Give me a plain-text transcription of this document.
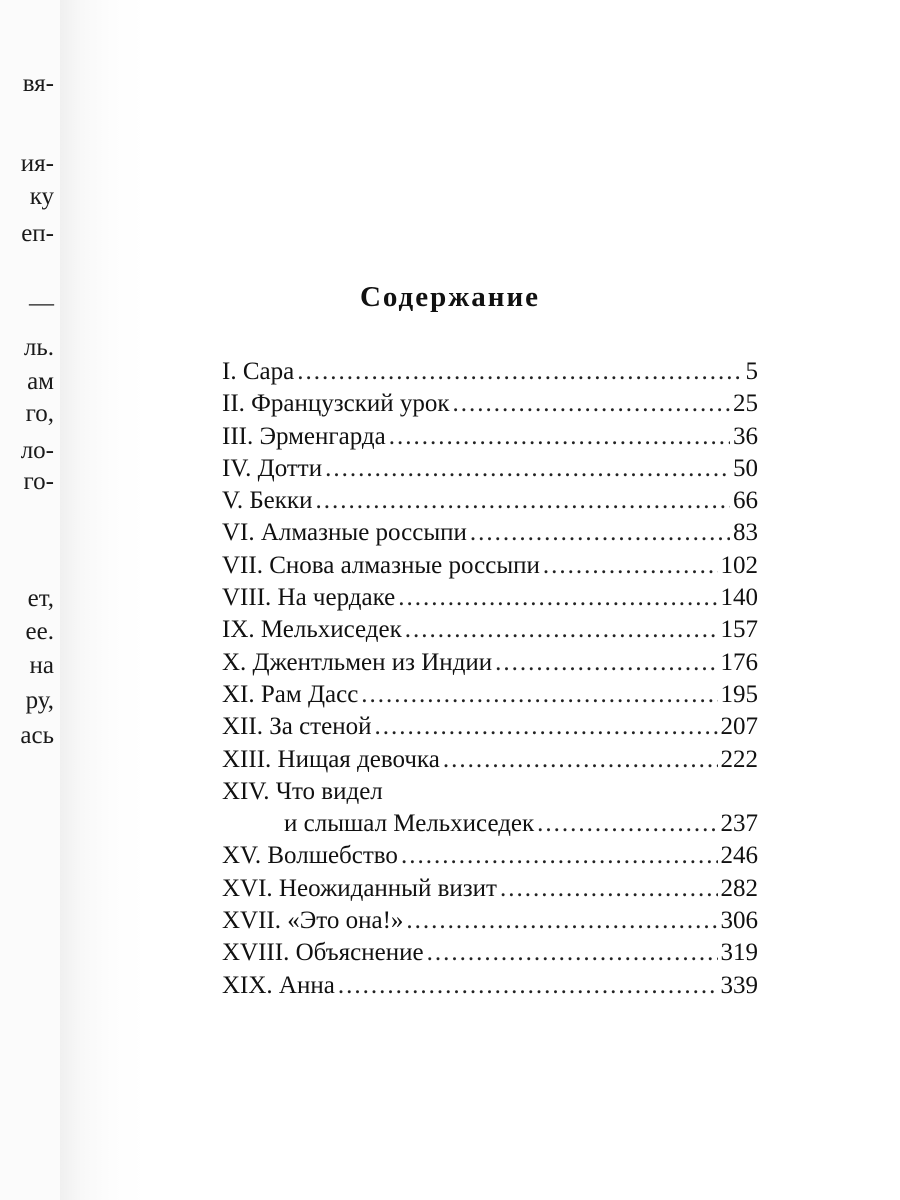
вя-
ия-
ку
еп-
—
ль.
ам
го,
ло-
го-
ет,
ее.
на
ру,
ась
Содержание
I. Сара .....	5
II. Французский урок .....	25
III. Эрменгарда .....	36
IV. Дотти .....	50
V. Бекки .....	66
VI. Алмазные россыпи .....	83
VII. Снова алмазные россыпи .....	102
VIII. На чердаке .....	140
IX. Мельхиседек .....	157
X. Джентльмен из Индии .....	176
XI. Рам Дасс .....	195
XII. За стеной .....	207
XIII. Нищая девочка .....	222
XIV. Что видел
и слышал Мельхиседек .....	237
XV. Волшебство .....	246
XVI. Неожиданный визит .....	282
XVII. «Это она!» .....	306
XVIII. Объяснение .....	319
XIX. Анна .....	339
